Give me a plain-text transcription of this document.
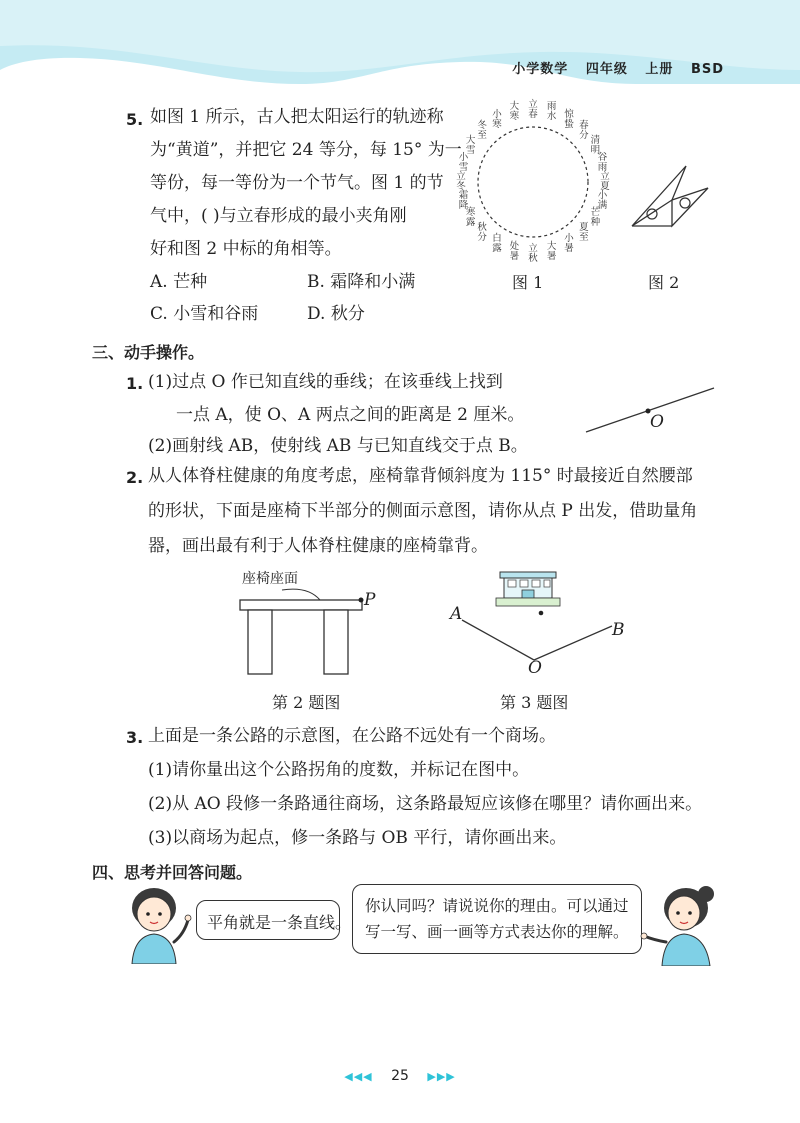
小学数学 四年级 上册 BSD
5. 如图 1 所示，古人把太阳运行的轨迹称
为“黄道”，并把它 24 等分，每 15° 为一
等份，每一等份为一个节气。图 1 的节
气中，( )与立春形成的最小夹角刚
好和图 2 中标的角相等。
A. 芒种	B. 霜降和小满
C. 小雪和谷雨	D. 秋分
雨水 惊蛰 春分 清明
谷雨
立夏
小满
芒种
夏至
小暑
大暑
立秋
处暑
白露
秋分
寒露
霜降
立冬
小雪
大雪
冬至
小寒
大寒
立春
图 1	图 2
三、动手操作。
1. (1)过点 O 作已知直线的垂线；在该垂线上找到
一点 A，使 O、A 两点之间的距离是 2 厘米。
(2)画射线 AB，使射线 AB 与已知直线交于点 B。
O
2. 从人体脊柱健康的角度考虑，座椅靠背倾斜度为 115° 时最接近自然腰部
的形状，下面是座椅下半部分的侧面示意图，请你从点 P 出发，借助量角
器，画出最有利于人体脊柱健康的座椅靠背。
座椅座面
P
第 2 题图
A
B
O
第 3 题图
3. 上面是一条公路的示意图，在公路不远处有一个商场。
(1)请你量出这个公路拐角的度数，并标记在图中。
(2)从 AO 段修一条路通往商场，这条路最短应该修在哪里？请你画出来。
(3)以商场为起点，修一条路与 OB 平行，请你画出来。
四、思考并回答问题。
平角就是一条直线。
你认同吗？请说说你的理由。可以通过
写一写、画一画等方式表达你的理解。
◀◀◀ 25 ▶▶▶
